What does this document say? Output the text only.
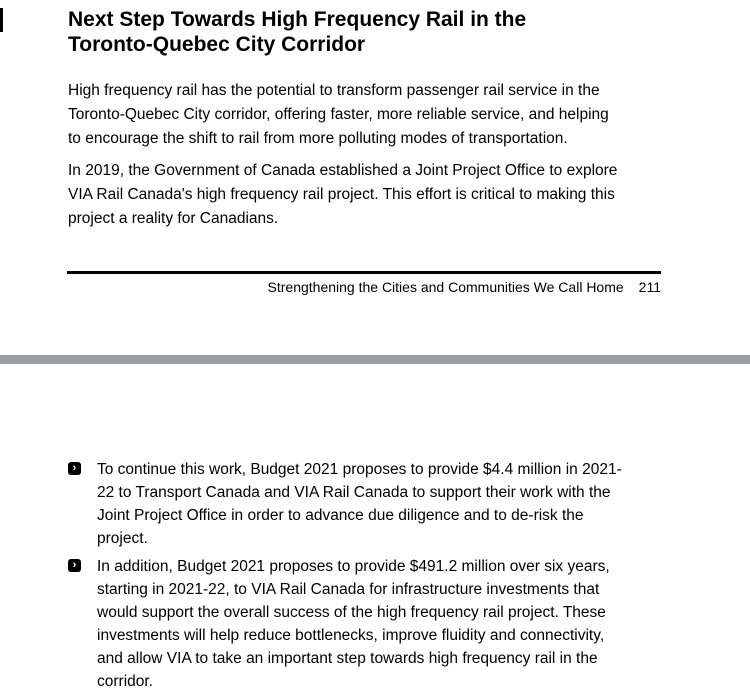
Next Step Towards High Frequency Rail in the
Toronto-Quebec City Corridor

High frequency rail has the potential to transform passenger rail service in the
Toronto-Quebec City corridor, offering faster, more reliable service, and helping
to encourage the shift to rail from more polluting modes of transportation.

In 2019, the Government of Canada established a Joint Project Office to explore
VIA Rail Canada's high frequency rail project. This effort is critical to making this
project a reality for Canadians.

Strengthening the Cities and Communities We Call Home 211
›	To continue this work, Budget 2021 proposes to provide $4.4 million in 2021-
22 to Transport Canada and VIA Rail Canada to support their work with the
Joint Project Office in order to advance due diligence and to de-risk the
project.
›	In addition, Budget 2021 proposes to provide $491.2 million over six years,
starting in 2021-22, to VIA Rail Canada for infrastructure investments that
would support the overall success of the high frequency rail project. These
investments will help reduce bottlenecks, improve fluidity and connectivity,
and allow VIA to take an important step towards high frequency rail in the
corridor.
